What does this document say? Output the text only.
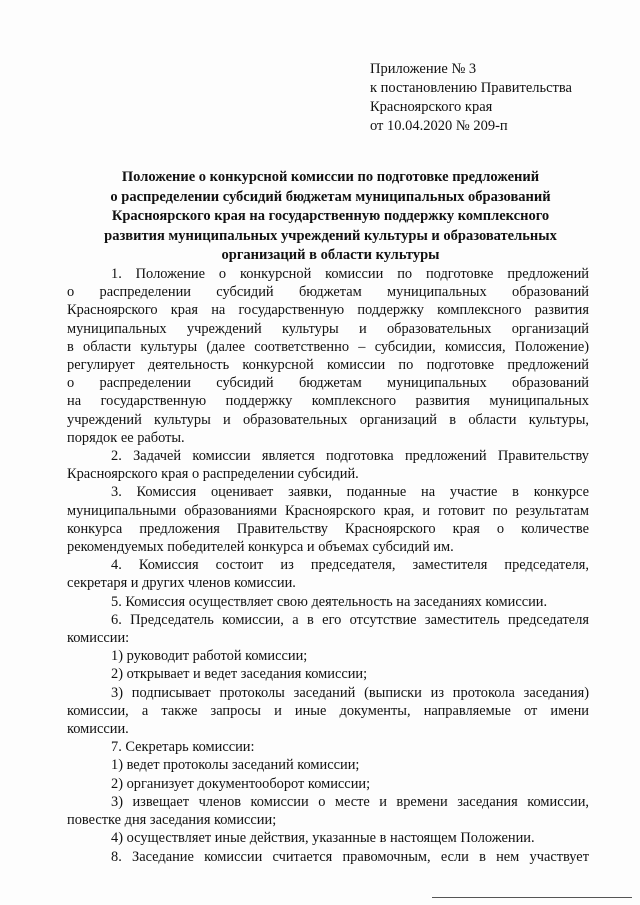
Приложение № 3
к постановлению Правительства
Красноярского края
от 10.04.2020 № 209-п
Положение о конкурсной комиссии по подготовке предложений
о распределении субсидий бюджетам муниципальных образований
Красноярского края на государственную поддержку комплексного
развития муниципальных учреждений культуры и образовательных
организаций в области культуры
1. Положение о конкурсной комиссии по подготовке предложений
о распределении субсидий бюджетам муниципальных образований
Красноярского края на государственную поддержку комплексного развития
муниципальных учреждений культуры и образовательных организаций
в области культуры (далее соответственно – субсидии, комиссия, Положение)
регулирует деятельность конкурсной комиссии по подготовке предложений
о распределении субсидий бюджетам муниципальных образований
на государственную поддержку комплексного развития муниципальных
учреждений культуры и образовательных организаций в области культуры,
порядок ее работы.
2. Задачей комиссии является подготовка предложений Правительству
Красноярского края о распределении субсидий.
3. Комиссия оценивает заявки, поданные на участие в конкурсе
муниципальными образованиями Красноярского края, и готовит по результатам
конкурса предложения Правительству Красноярского края о количестве
рекомендуемых победителей конкурса и объемах субсидий им.
4. Комиссия состоит из председателя, заместителя председателя,
секретаря и других членов комиссии.
5. Комиссия осуществляет свою деятельность на заседаниях комиссии.
6. Председатель комиссии, а в его отсутствие заместитель председателя
комиссии:
1) руководит работой комиссии;
2) открывает и ведет заседания комиссии;
3) подписывает протоколы заседаний (выписки из протокола заседания)
комиссии, а также запросы и иные документы, направляемые от имени
комиссии.
7. Секретарь комиссии:
1) ведет протоколы заседаний комиссии;
2) организует документооборот комиссии;
3) извещает членов комиссии о месте и времени заседания комиссии,
повестке дня заседания комиссии;
4) осуществляет иные действия, указанные в настоящем Положении.
8. Заседание комиссии считается правомочным, если в нем участвует
